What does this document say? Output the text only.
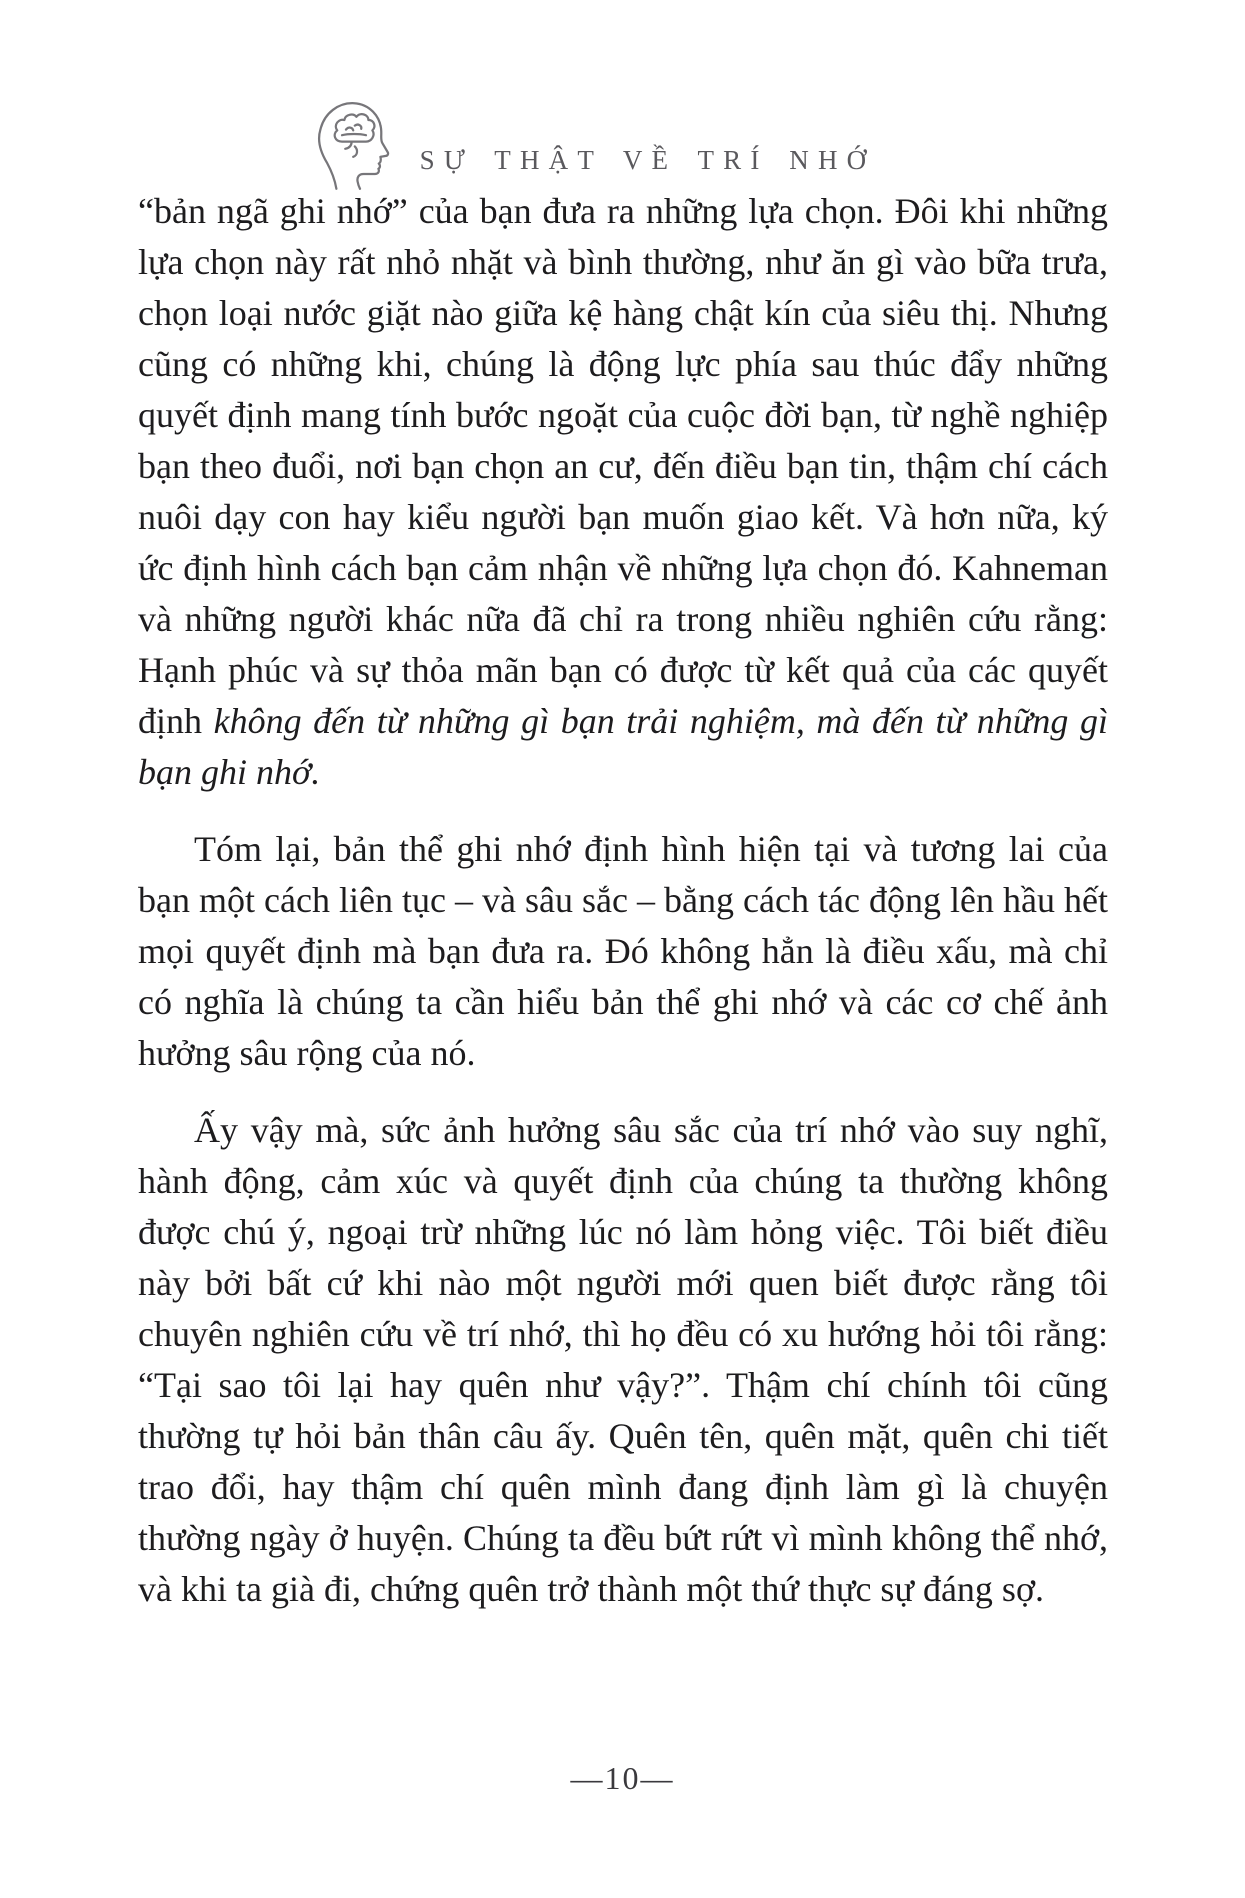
SỰ THẬT VỀ TRÍ NHỚ

“bản ngã ghi nhớ” của bạn đưa ra những lựa chọn. Đôi khi những lựa chọn này rất nhỏ nhặt và bình thường, như ăn gì vào bữa trưa, chọn loại nước giặt nào giữa kệ hàng chật kín của siêu thị. Nhưng cũng có những khi, chúng là động lực phía sau thúc đẩy những quyết định mang tính bước ngoặt của cuộc đời bạn, từ nghề nghiệp bạn theo đuổi, nơi bạn chọn an cư, đến điều bạn tin, thậm chí cách nuôi dạy con hay kiểu người bạn muốn giao kết. Và hơn nữa, ký ức định hình cách bạn cảm nhận về những lựa chọn đó. Kahneman và những người khác nữa đã chỉ ra trong nhiều nghiên cứu rằng: Hạnh phúc và sự thỏa mãn bạn có được từ kết quả của các quyết định không đến từ những gì bạn trải nghiệm, mà đến từ những gì bạn ghi nhớ.

Tóm lại, bản thể ghi nhớ định hình hiện tại và tương lai của bạn một cách liên tục – và sâu sắc – bằng cách tác động lên hầu hết mọi quyết định mà bạn đưa ra. Đó không hẳn là điều xấu, mà chỉ có nghĩa là chúng ta cần hiểu bản thể ghi nhớ và các cơ chế ảnh hưởng sâu rộng của nó.

Ấy vậy mà, sức ảnh hưởng sâu sắc của trí nhớ vào suy nghĩ, hành động, cảm xúc và quyết định của chúng ta thường không được chú ý, ngoại trừ những lúc nó làm hỏng việc. Tôi biết điều này bởi bất cứ khi nào một người mới quen biết được rằng tôi chuyên nghiên cứu về trí nhớ, thì họ đều có xu hướng hỏi tôi rằng: “Tại sao tôi lại hay quên như vậy?”. Thậm chí chính tôi cũng thường tự hỏi bản thân câu ấy. Quên tên, quên mặt, quên chi tiết trao đổi, hay thậm chí quên mình đang định làm gì là chuyện thường ngày ở huyện. Chúng ta đều bứt rứt vì mình không thể nhớ, và khi ta già đi, chứng quên trở thành một thứ thực sự đáng sợ.

—10—
